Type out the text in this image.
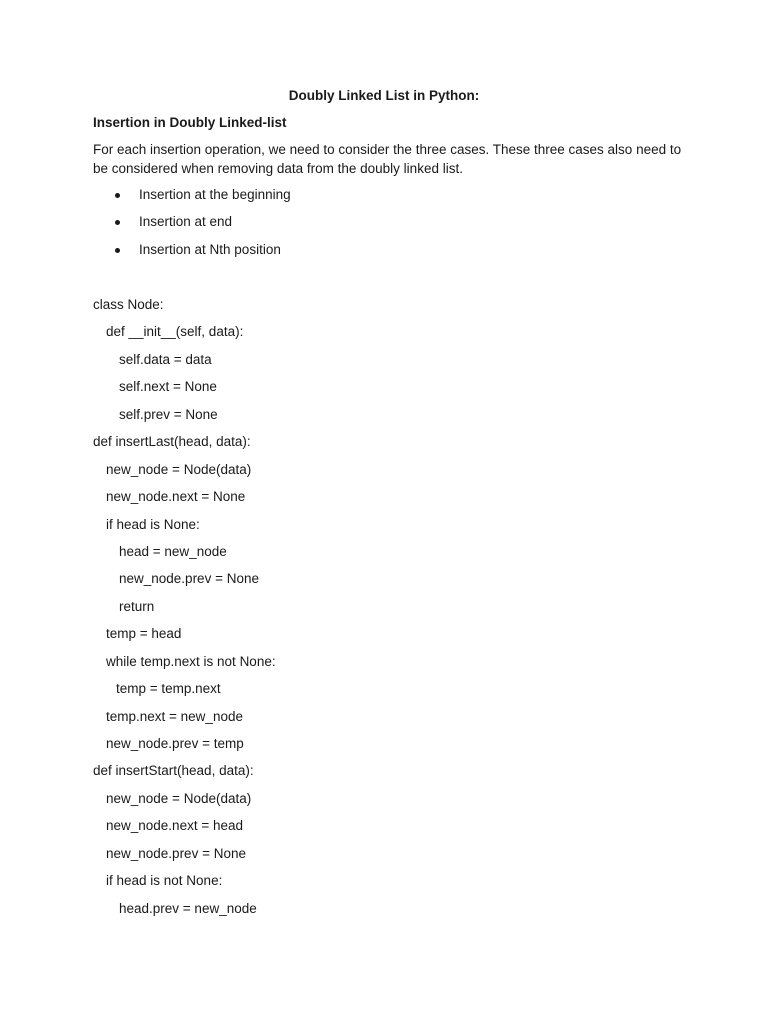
Doubly Linked List in Python:
Insertion in Doubly Linked-list
For each insertion operation, we need to consider the three cases. These three cases also need to be considered when removing data from the doubly linked list.
Insertion at the beginning
Insertion at end
Insertion at Nth position
class Node:
def __init__(self, data):
self.data = data
self.next = None
self.prev = None
def insertLast(head, data):
new_node = Node(data)
new_node.next = None
if head is None:
head = new_node
new_node.prev = None
return
temp = head
while temp.next is not None:
temp = temp.next
temp.next = new_node
new_node.prev = temp
def insertStart(head, data):
new_node = Node(data)
new_node.next = head
new_node.prev = None
if head is not None:
head.prev = new_node
